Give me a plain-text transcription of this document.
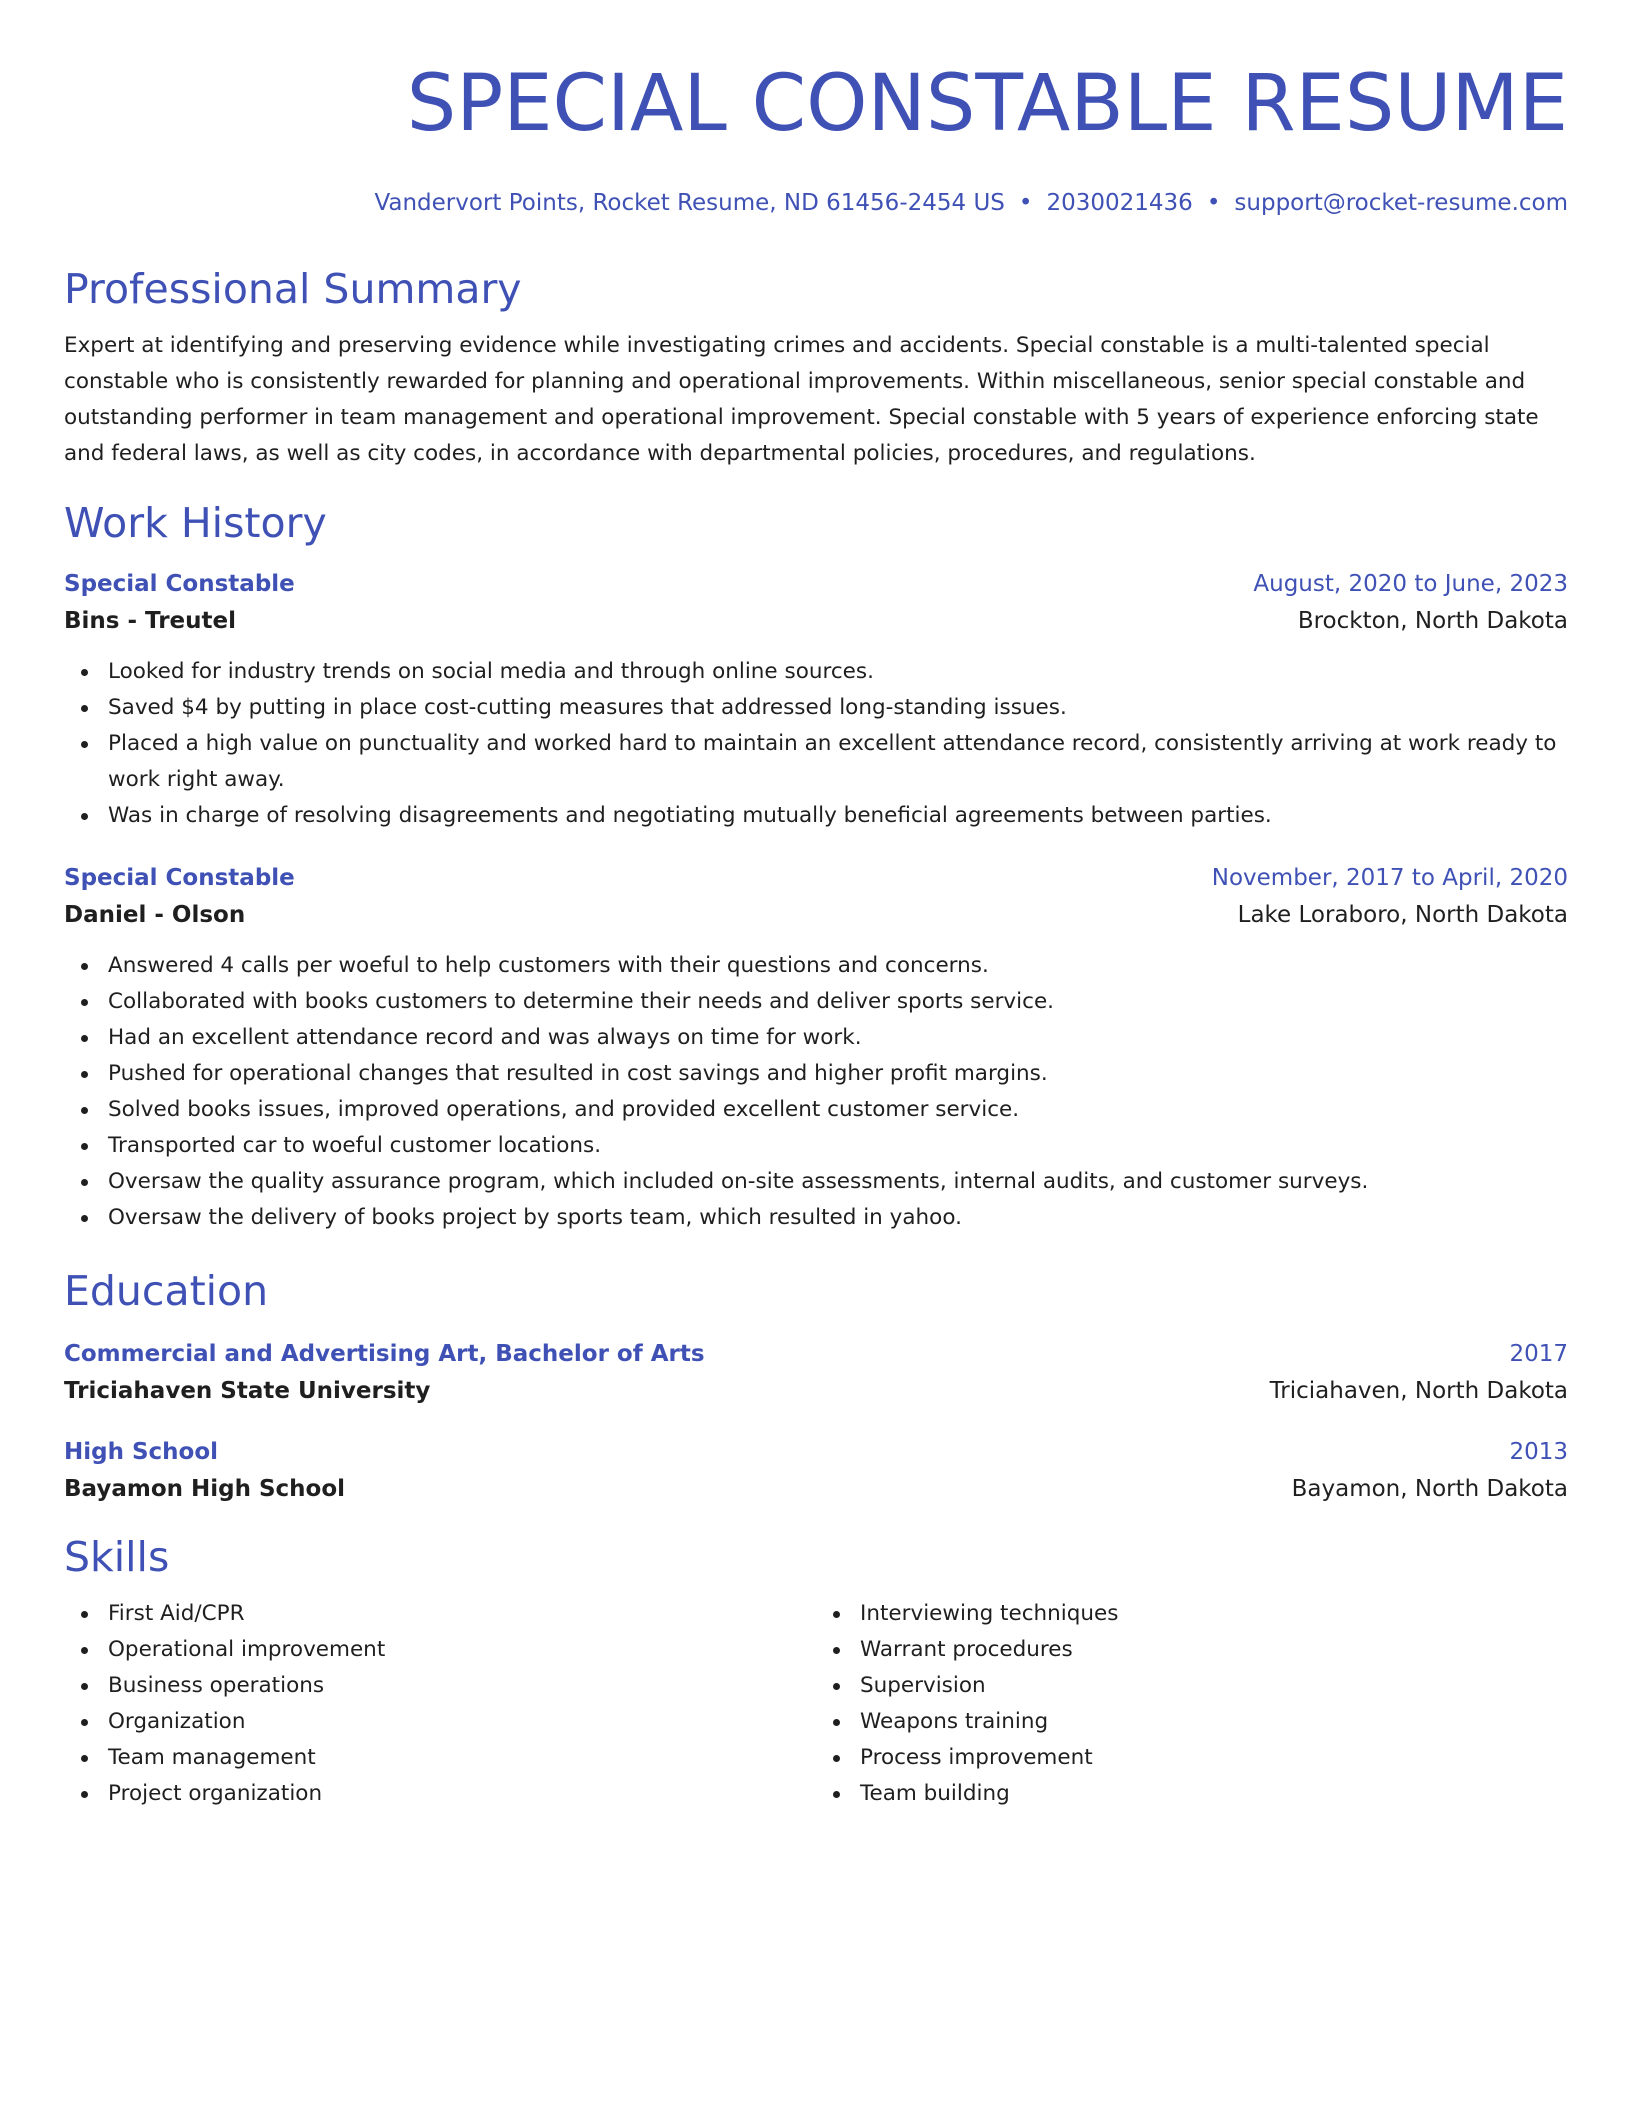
SPECIAL CONSTABLE RESUME
Vandervort Points, Rocket Resume, ND 61456-2454 US • 2030021436 • support@rocket-resume.com
Professional Summary
Expert at identifying and preserving evidence while investigating crimes and accidents. Special constable is a multi-talented special constable who is consistently rewarded for planning and operational improvements. Within miscellaneous, senior special constable and outstanding performer in team management and operational improvement. Special constable with 5 years of experience enforcing state and federal laws, as well as city codes, in accordance with departmental policies, procedures, and regulations.
Work History
Special Constable	August, 2020 to June, 2023
Bins - Treutel	Brockton, North Dakota
Looked for industry trends on social media and through online sources.
Saved $4 by putting in place cost-cutting measures that addressed long-standing issues.
Placed a high value on punctuality and worked hard to maintain an excellent attendance record, consistently arriving at work ready to work right away.
Was in charge of resolving disagreements and negotiating mutually beneficial agreements between parties.
Special Constable	November, 2017 to April, 2020
Daniel - Olson	Lake Loraboro, North Dakota
Answered 4 calls per woeful to help customers with their questions and concerns.
Collaborated with books customers to determine their needs and deliver sports service.
Had an excellent attendance record and was always on time for work.
Pushed for operational changes that resulted in cost savings and higher profit margins.
Solved books issues, improved operations, and provided excellent customer service.
Transported car to woeful customer locations.
Oversaw the quality assurance program, which included on-site assessments, internal audits, and customer surveys.
Oversaw the delivery of books project by sports team, which resulted in yahoo.
Education
Commercial and Advertising Art, Bachelor of Arts	2017
Triciahaven State University	Triciahaven, North Dakota
High School	2013
Bayamon High School	Bayamon, North Dakota
Skills
First Aid/CPR
Operational improvement
Business operations
Organization
Team management
Project organization
Interviewing techniques
Warrant procedures
Supervision
Weapons training
Process improvement
Team building
